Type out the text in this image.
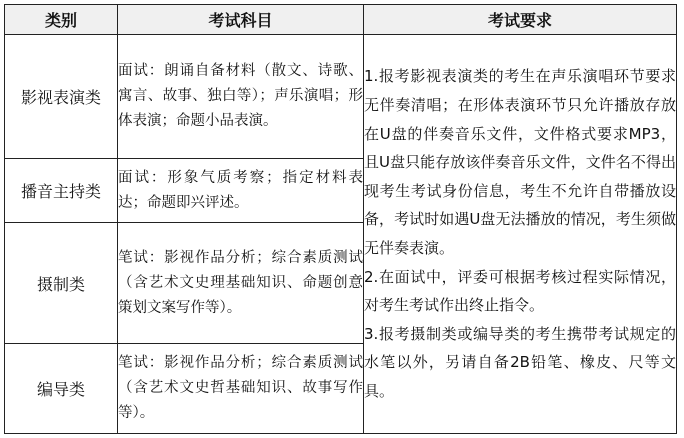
类别	考试科目	考试要求
影视表演类	面试：朗诵自备材料（散文、诗歌、寓言、故事、独白等）；声乐演唱；形体表演；命题小品表演。	1.报考影视表演类的考生在声乐演唱环节要求无伴奏清唱；在形体表演环节只允许播放存放在U盘的伴奏音乐文件，文件格式要求MP3，且U盘只能存放该伴奏音乐文件，文件名不得出现考生考试身份信息，考生不允许自带播放设备，考试时如遇U盘无法播放的情况，考生须做无伴奏表演。
2.在面试中，评委可根据考核过程实际情况，对考生考试作出终止指令。
3.报考摄制类或编导类的考生携带考试规定的水笔以外，另请自备2B铅笔、橡皮、尺等文具。

播音主持类	面试：形象气质考察；指定材料表达；命题即兴评述。	
摄制类	笔试：影视作品分析；综合素质测试（含艺术文史理基础知识、命题创意策划文案写作等）。	
编导类	笔试：影视作品分析；综合素质测试（含艺术文史哲基础知识、故事写作等）。	
